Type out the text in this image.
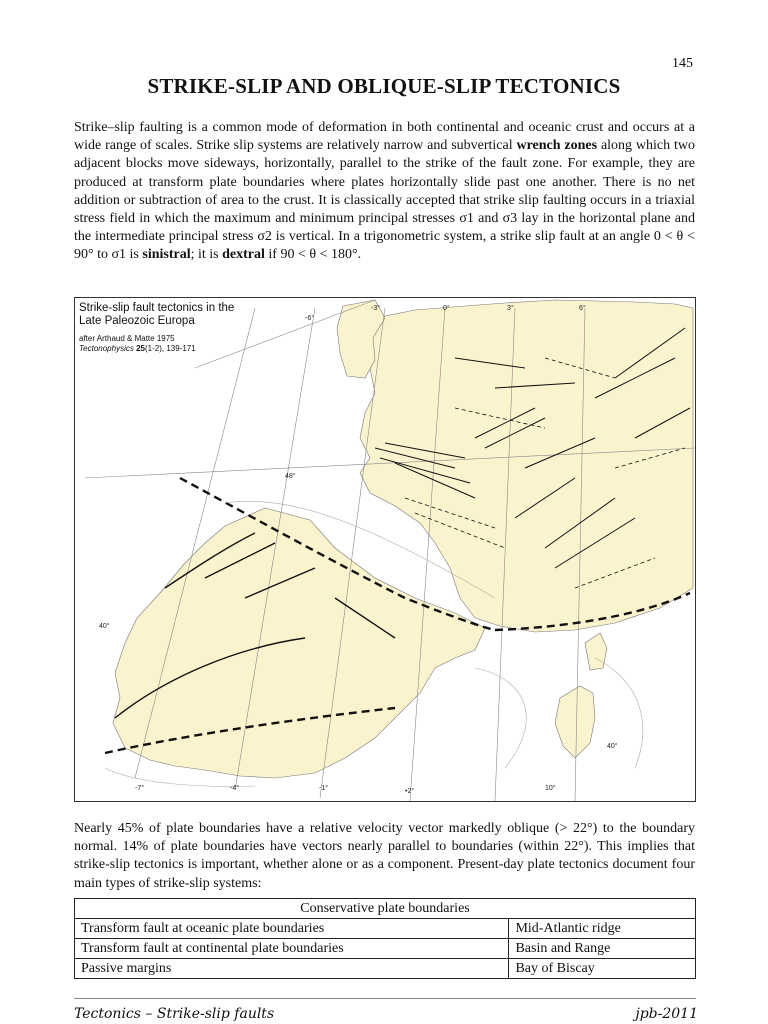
145
STRIKE-SLIP AND OBLIQUE-SLIP TECTONICS

Strike–slip faulting is a common mode of deformation in both continental and oceanic crust and occurs at a wide range of scales. Strike slip systems are relatively narrow and subvertical wrench zones along which two adjacent blocks move sideways, horizontally, parallel to the strike of the fault zone. For example, they are produced at transform plate boundaries where plates horizontally slide past one another. There is no net addition or subtraction of area to the crust. It is classically accepted that strike slip faulting occurs in a triaxial stress field in which the maximum and minimum principal stresses σ1 and σ3 lay in the horizontal plane and the intermediate principal stress σ2 is vertical. In a trigonometric system, a strike slip fault at an angle 0 < θ < 90° to σ1 is sinistral; it is dextral if 90 < θ < 180°.

-3°	0°	3°	6°
-6°
48°
40°
40°
-7°	-4°	-1°	•2°	10°
Strike-slip fault tectonics in the
Late Paleozoic Europa
after Arthaud & Matte 1975
Tectonophysics 25(1-2), 139-171

Nearly 45% of plate boundaries have a relative velocity vector markedly oblique (> 22°) to the boundary normal. 14% of plate boundaries have vectors nearly parallel to boundaries (within 22°). This implies that strike-slip tectonics is important, whether alone or as a component. Present-day plate tectonics document four main types of strike-slip systems:

Conservative plate boundaries	
Transform fault at oceanic plate boundaries	Mid-Atlantic ridge
Transform fault at continental plate boundaries	Basin and Range
Passive margins	Bay of Biscay
Tectonics – Strike-slip faults	jpb-2011
